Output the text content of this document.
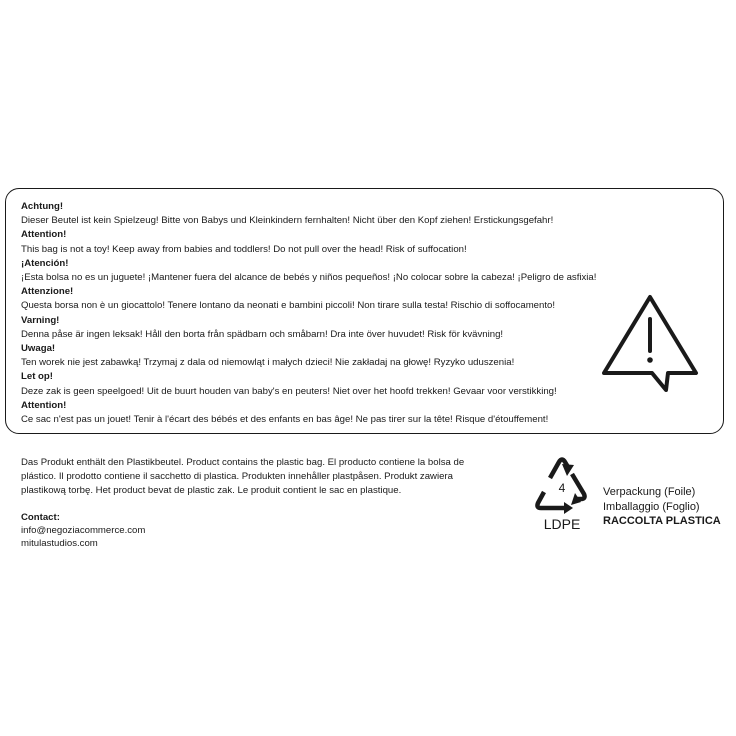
Achtung!
Dieser Beutel ist kein Spielzeug! Bitte von Babys und Kleinkindern fernhalten! Nicht über den Kopf ziehen! Erstickungsgefahr!
Attention!
This bag is not a toy! Keep away from babies and toddlers! Do not pull over the head! Risk of suffocation!
¡Atención!
¡Esta bolsa no es un juguete! ¡Mantener fuera del alcance de bebés y niños pequeños! ¡No colocar sobre la cabeza! ¡Peligro de asfixia!
Attenzione!
Questa borsa non è un giocattolo! Tenere lontano da neonati e bambini piccoli! Non tirare sulla testa! Rischio di soffocamento!
Varning!
Denna påse är ingen leksak! Håll den borta från spädbarn och småbarn! Dra inte över huvudet! Risk för kvävning!
Uwaga!
Ten worek nie jest zabawką! Trzymaj z dala od niemowląt i małych dzieci! Nie zakładaj na głowę! Ryzyko uduszenia!
Let op!
Deze zak is geen speelgoed! Uit de buurt houden van baby's en peuters! Niet over het hoofd trekken! Gevaar voor verstikking!
Attention!
Ce sac n'est pas un jouet! Tenir à l'écart des bébés et des enfants en bas âge! Ne pas tirer sur la tête! Risque d'étouffement!
Das Produkt enthält den Plastikbeutel. Product contains the plastic bag. El producto contiene la bolsa de
plástico. Il prodotto contiene il sacchetto di plastica. Produkten innehåller plastpåsen. Produkt zawiera
plastikową torbę. Het product bevat de plastic zak. Le produit contient le sac en plastique.
Contact:
info@negoziacommerce.com
mitulastudios.com
4
LDPE
Verpackung (Foile)
Imballaggio (Foglio)
RACCOLTA PLASTICA
